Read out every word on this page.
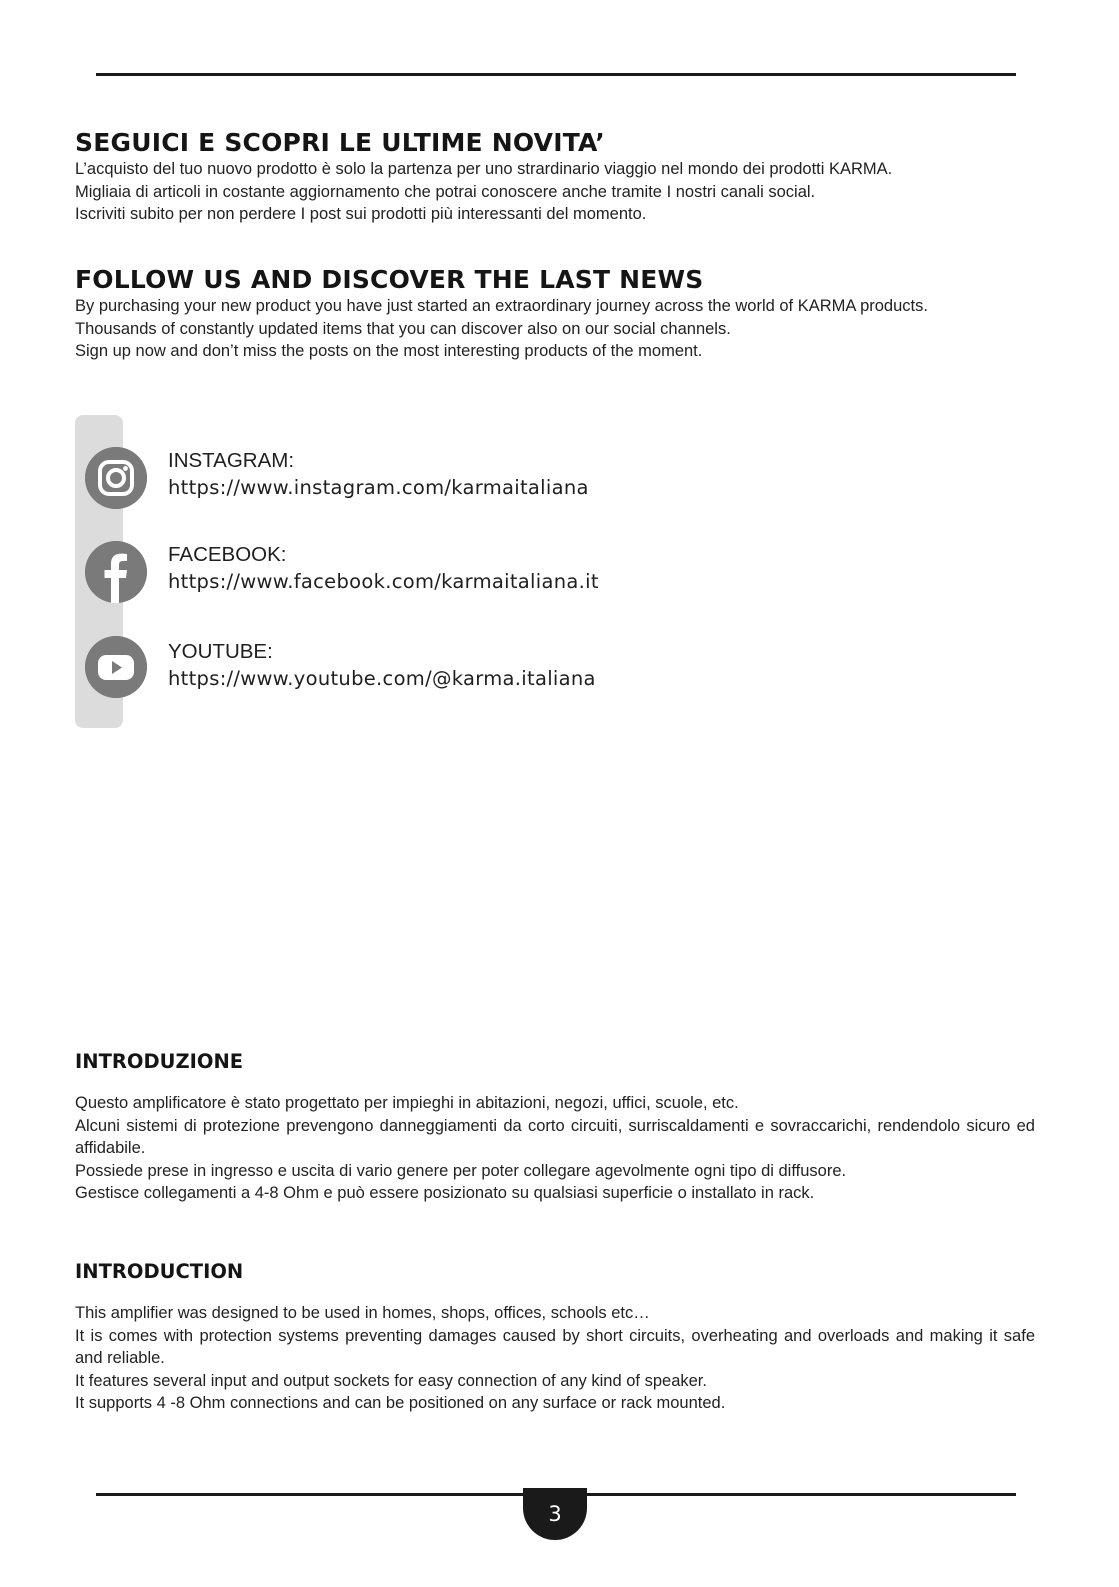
SEGUICI E SCOPRI LE ULTIME NOVITA’

L’acquisto del tuo nuovo prodotto è solo la partenza per uno strardinario viaggio nel mondo dei prodotti KARMA.

Migliaia di articoli in costante aggiornamento che potrai conoscere anche tramite I nostri canali social.

Iscriviti subito per non perdere I post sui prodotti più interessanti del momento.

FOLLOW US AND DISCOVER THE LAST NEWS

By purchasing your new product you have just started an extraordinary journey across the world of KARMA products.

Thousands of constantly updated items that you can discover also on our social channels.

Sign up now and don’t miss the posts on the most interesting products of the moment.

INSTAGRAM:
https://www.instagram.com/karmaitaliana
FACEBOOK:
https://www.facebook.com/karmaitaliana.it
YOUTUBE:
https://www.youtube.com/@karma.italiana
INTRODUZIONE

Questo amplificatore è stato progettato per impieghi in abitazioni, negozi, uffici, scuole, etc.

Alcuni sistemi di protezione prevengono danneggiamenti da corto circuiti, surriscaldamenti e sovraccarichi, rendendolo sicuro ed affidabile.

Possiede prese in ingresso e uscita di vario genere per poter collegare agevolmente ogni tipo di diffusore.

Gestisce collegamenti a 4-8 Ohm e può essere posizionato su qualsiasi superficie o installato in rack.

INTRODUCTION

This amplifier was designed to be used in homes, shops, offices, schools etc…

It is comes with protection systems preventing damages caused by short circuits, overheating and overloads and making it safe and reliable.

It features several input and output sockets for easy connection of any kind of speaker.

It supports 4 -8 Ohm connections and can be positioned on any surface or rack mounted.

3
